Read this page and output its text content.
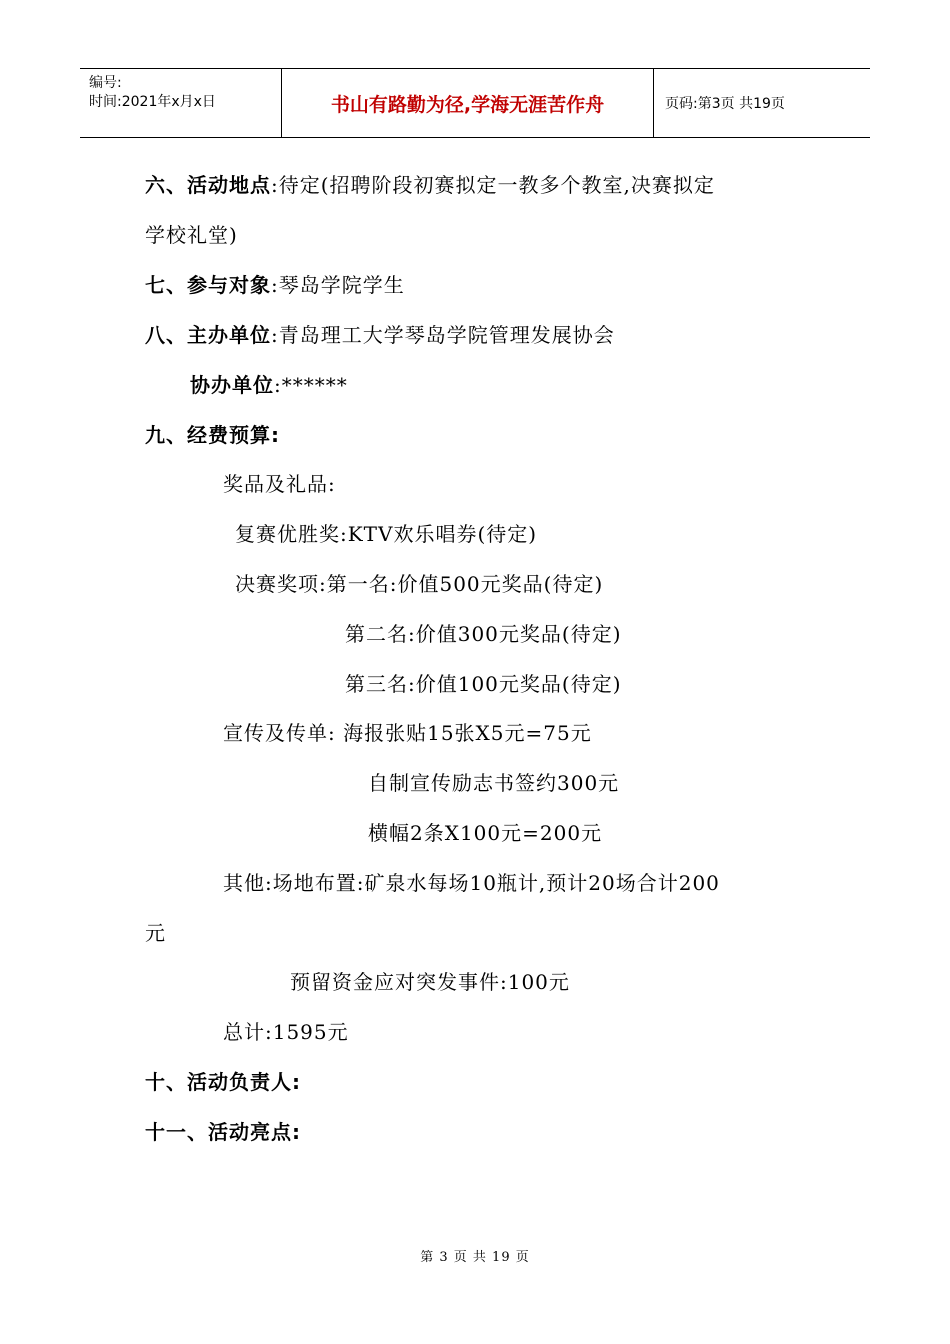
编号:
时间:2021年x月x日	书山有路勤为径,学海无涯苦作舟	页码:第3页 共19页
六、活动地点:待定(招聘阶段初赛拟定一教多个教室,决赛拟定
学校礼堂)
七、参与对象:琴岛学院学生
八、主办单位:青岛理工大学琴岛学院管理发展协会
协办单位:******
九、经费预算:
奖品及礼品:
复赛优胜奖:KTV欢乐唱券(待定)
决赛奖项:第一名:价值500元奖品(待定)
第二名:价值300元奖品(待定)
第三名:价值100元奖品(待定)
宣传及传单: 海报张贴15张X5元=75元
自制宣传励志书签约300元
横幅2条X100元=200元
其他:场地布置:矿泉水每场10瓶计,预计20场合计200
元
预留资金应对突发事件:100元
总计:1595元
十、活动负责人:
十一、活动亮点:
第 3 页 共 19 页
